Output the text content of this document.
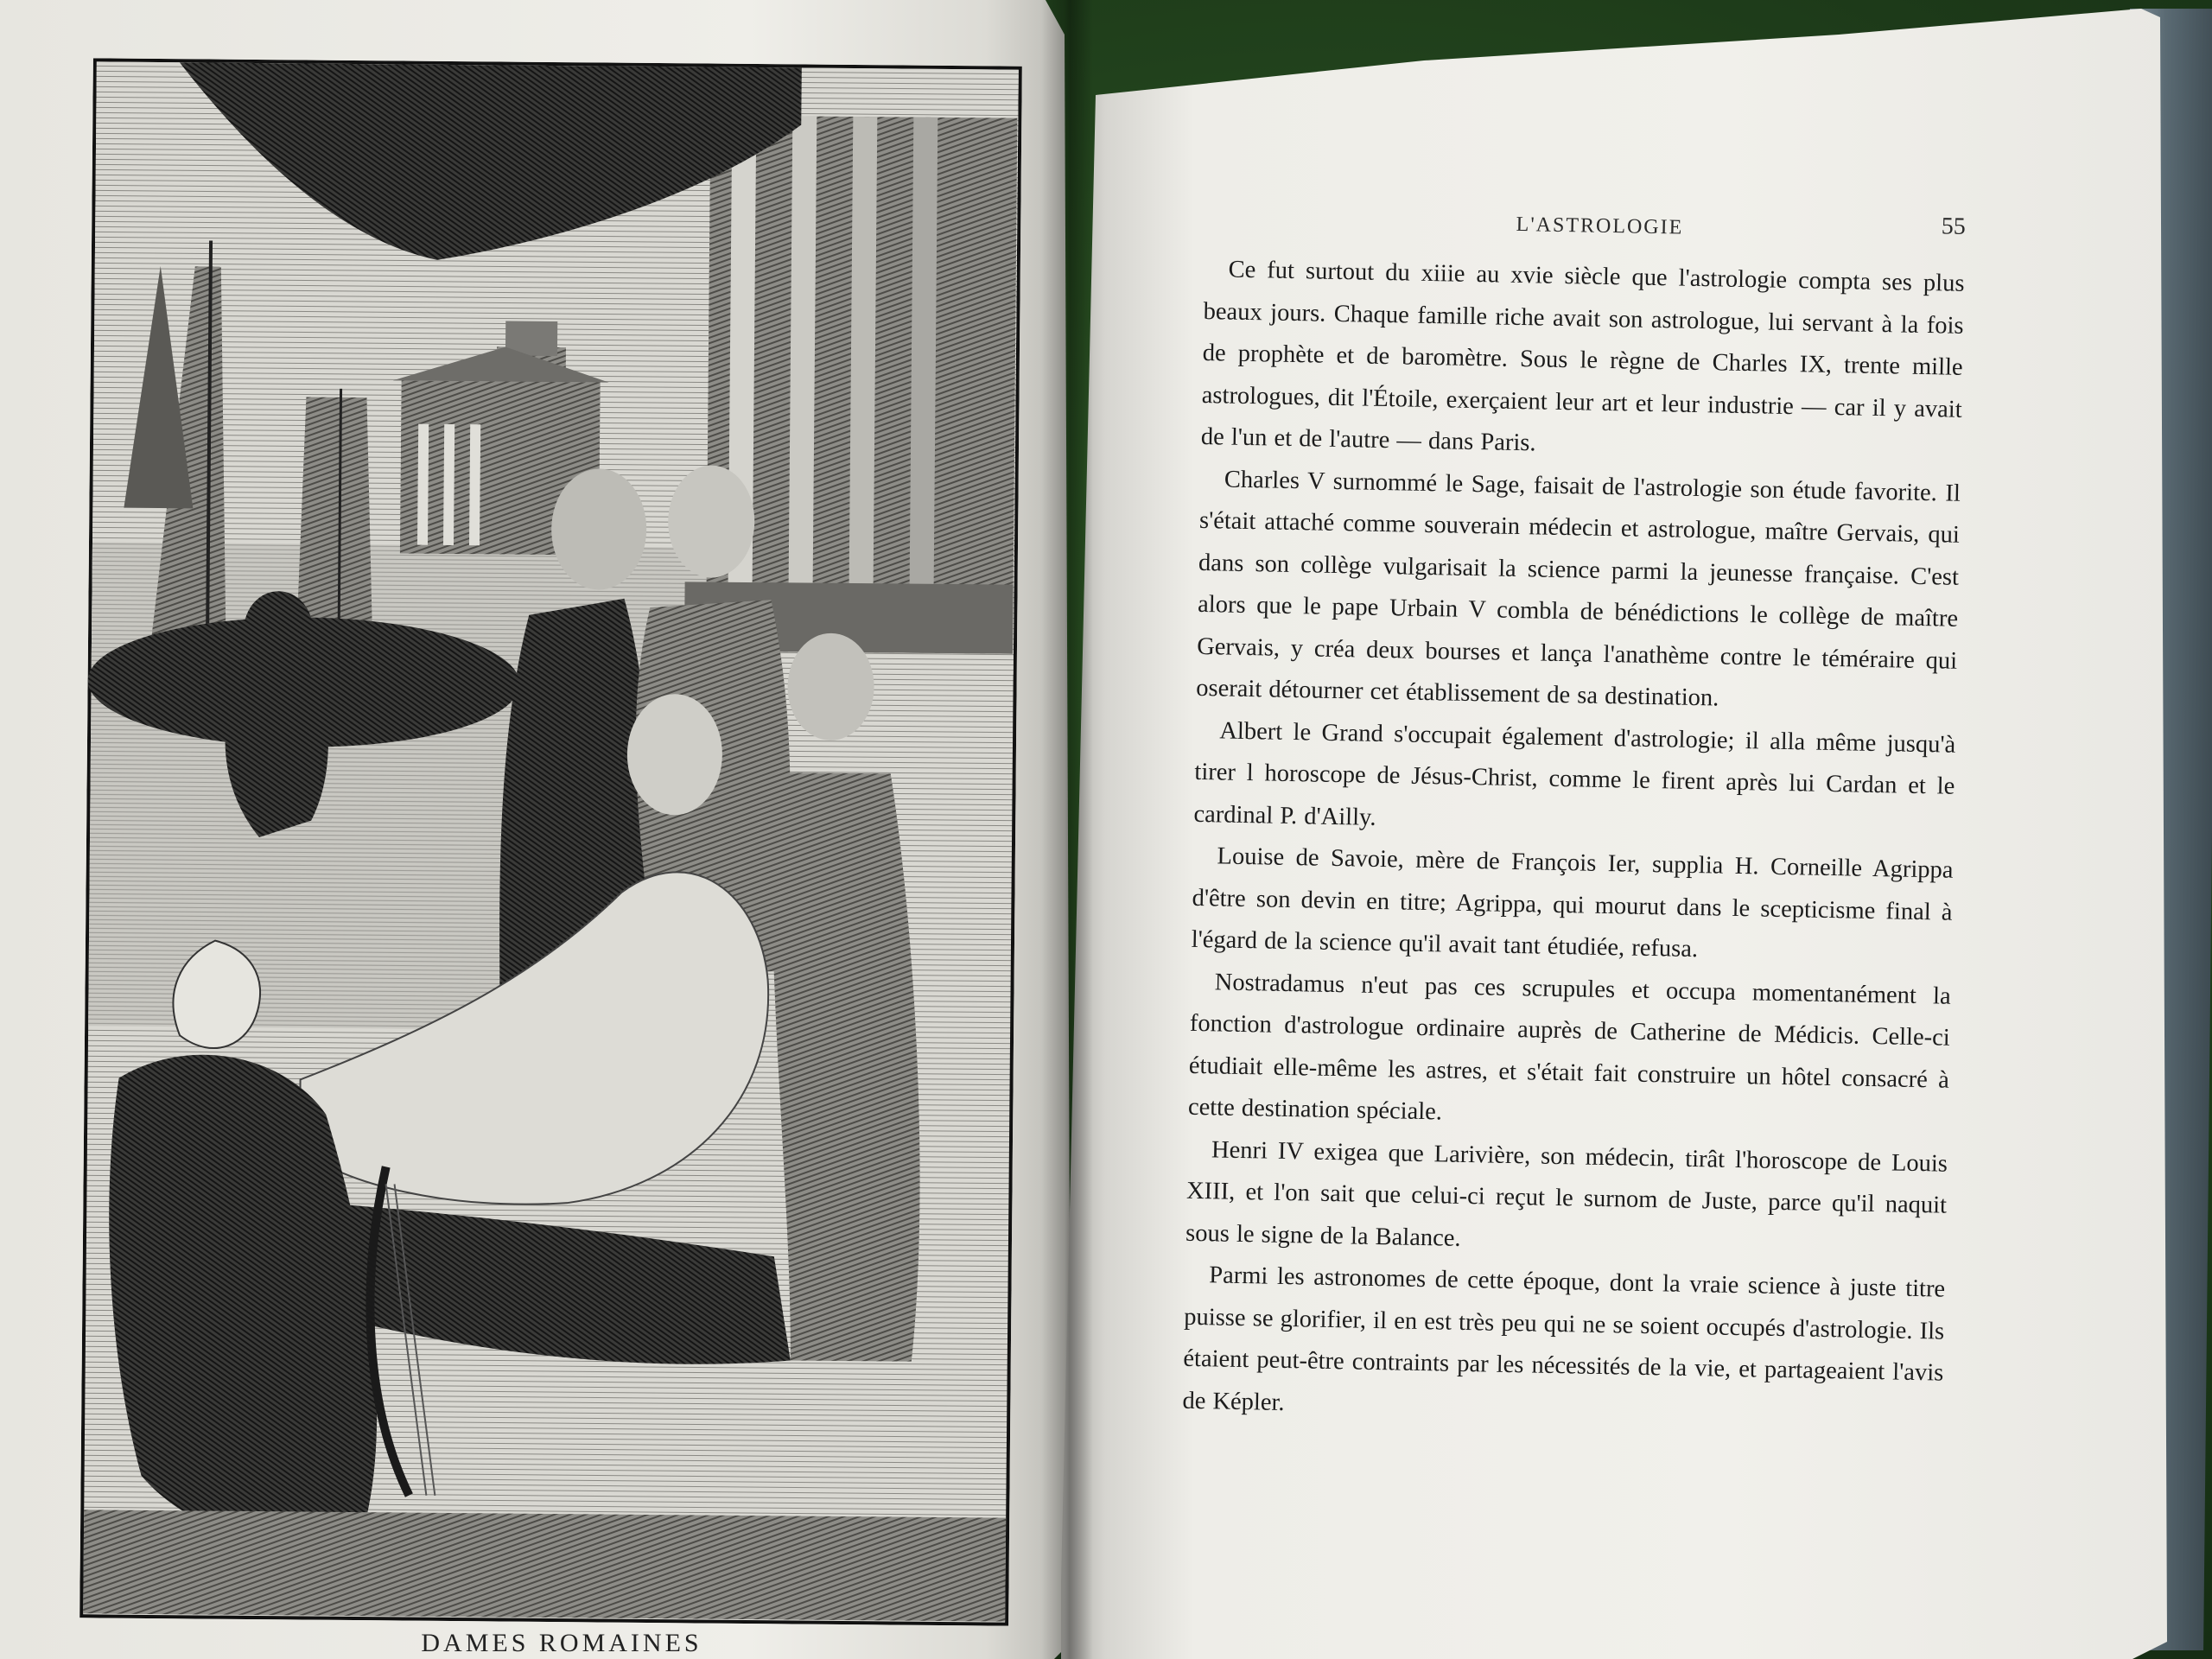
DAMES ROMAINES
L'ASTROLOGIE	55

Ce fut surtout du xiiie au xvie siècle que l'astrologie compta ses plus beaux jours. Chaque famille riche avait son astrologue, lui servant à la fois de prophète et de baromètre. Sous le règne de Charles IX, trente mille astrologues, dit l'Étoile, exerçaient leur art et leur industrie — car il y avait de l'un et de l'autre — dans Paris.

Charles V surnommé le Sage, faisait de l'astrologie son étude favorite. Il s'était attaché comme souverain médecin et astrologue, maître Gervais, qui dans son collège vulgarisait la science parmi la jeunesse française. C'est alors que le pape Urbain V combla de bénédictions le collège de maître Gervais, y créa deux bourses et lança l'anathème contre le téméraire qui oserait détourner cet établissement de sa destination.

Albert le Grand s'occupait également d'astrologie; il alla même jusqu'à tirer l horoscope de Jésus-Christ, comme le firent après lui Cardan et le cardinal P. d'Ailly.

Louise de Savoie, mère de François Ier, supplia H. Corneille Agrippa d'être son devin en titre; Agrippa, qui mourut dans le scepticisme final à l'égard de la science qu'il avait tant étudiée, refusa.

Nostradamus n'eut pas ces scrupules et occupa momentanément la fonction d'astrologue ordinaire auprès de Catherine de Médicis. Celle-ci étudiait elle-même les astres, et s'était fait construire un hôtel consacré à cette destination spéciale.

Henri IV exigea que Larivière, son médecin, tirât l'horoscope de Louis XIII, et l'on sait que celui-ci reçut le surnom de Juste, parce qu'il naquit sous le signe de la Balance.

Parmi les astronomes de cette époque, dont la vraie science à juste titre puisse se glorifier, il en est très peu qui ne se soient occupés d'astrologie. Ils étaient peut-être contraints par les nécessités de la vie, et partageaient l'avis de Képler.
